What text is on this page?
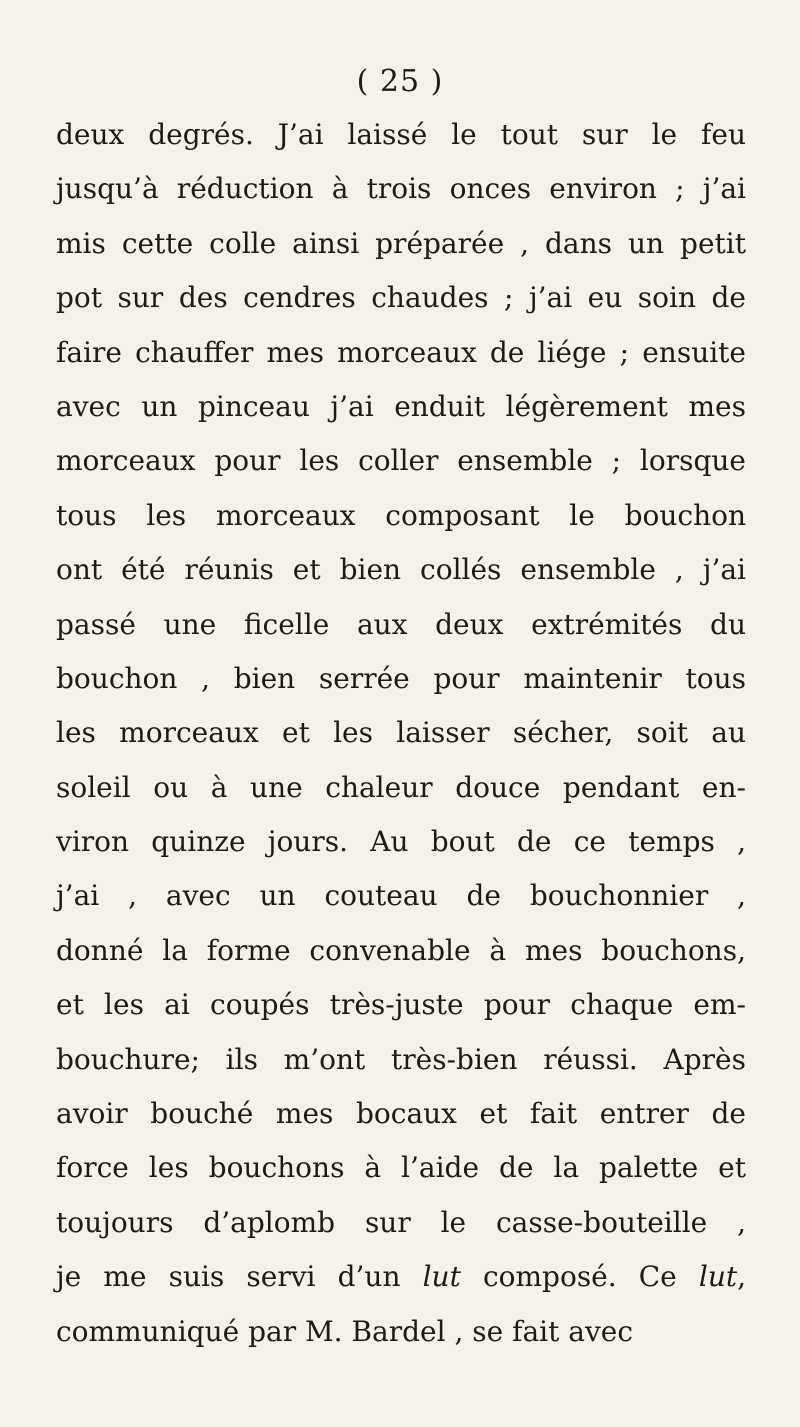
( 25 )
deux degrés. J’ai laissé le tout sur le feu
jusqu’à réduction à trois onces environ ; j’ai
mis cette colle ainsi préparée , dans un petit
pot sur des cendres chaudes ; j’ai eu soin de
faire chauffer mes morceaux de liége ; ensuite
avec un pinceau j’ai enduit légèrement mes
morceaux pour les coller ensemble ; lorsque
tous les morceaux composant le bouchon
ont été réunis et bien collés ensemble , j’ai
passé une ficelle aux deux extrémités du
bouchon , bien serrée pour maintenir tous
les morceaux et les laisser sécher, soit au
soleil ou à une chaleur douce pendant en-
viron quinze jours. Au bout de ce temps ,
j’ai , avec un couteau de bouchonnier ,
donné la forme convenable à mes bouchons,
et les ai coupés très-juste pour chaque em-
bouchure; ils m’ont très-bien réussi. Après
avoir bouché mes bocaux et fait entrer de
force les bouchons à l’aide de la palette et
toujours d’aplomb sur le casse-bouteille ,
je me suis servi d’un lut composé. Ce lut,
communiqué par M. Bardel , se fait avec
